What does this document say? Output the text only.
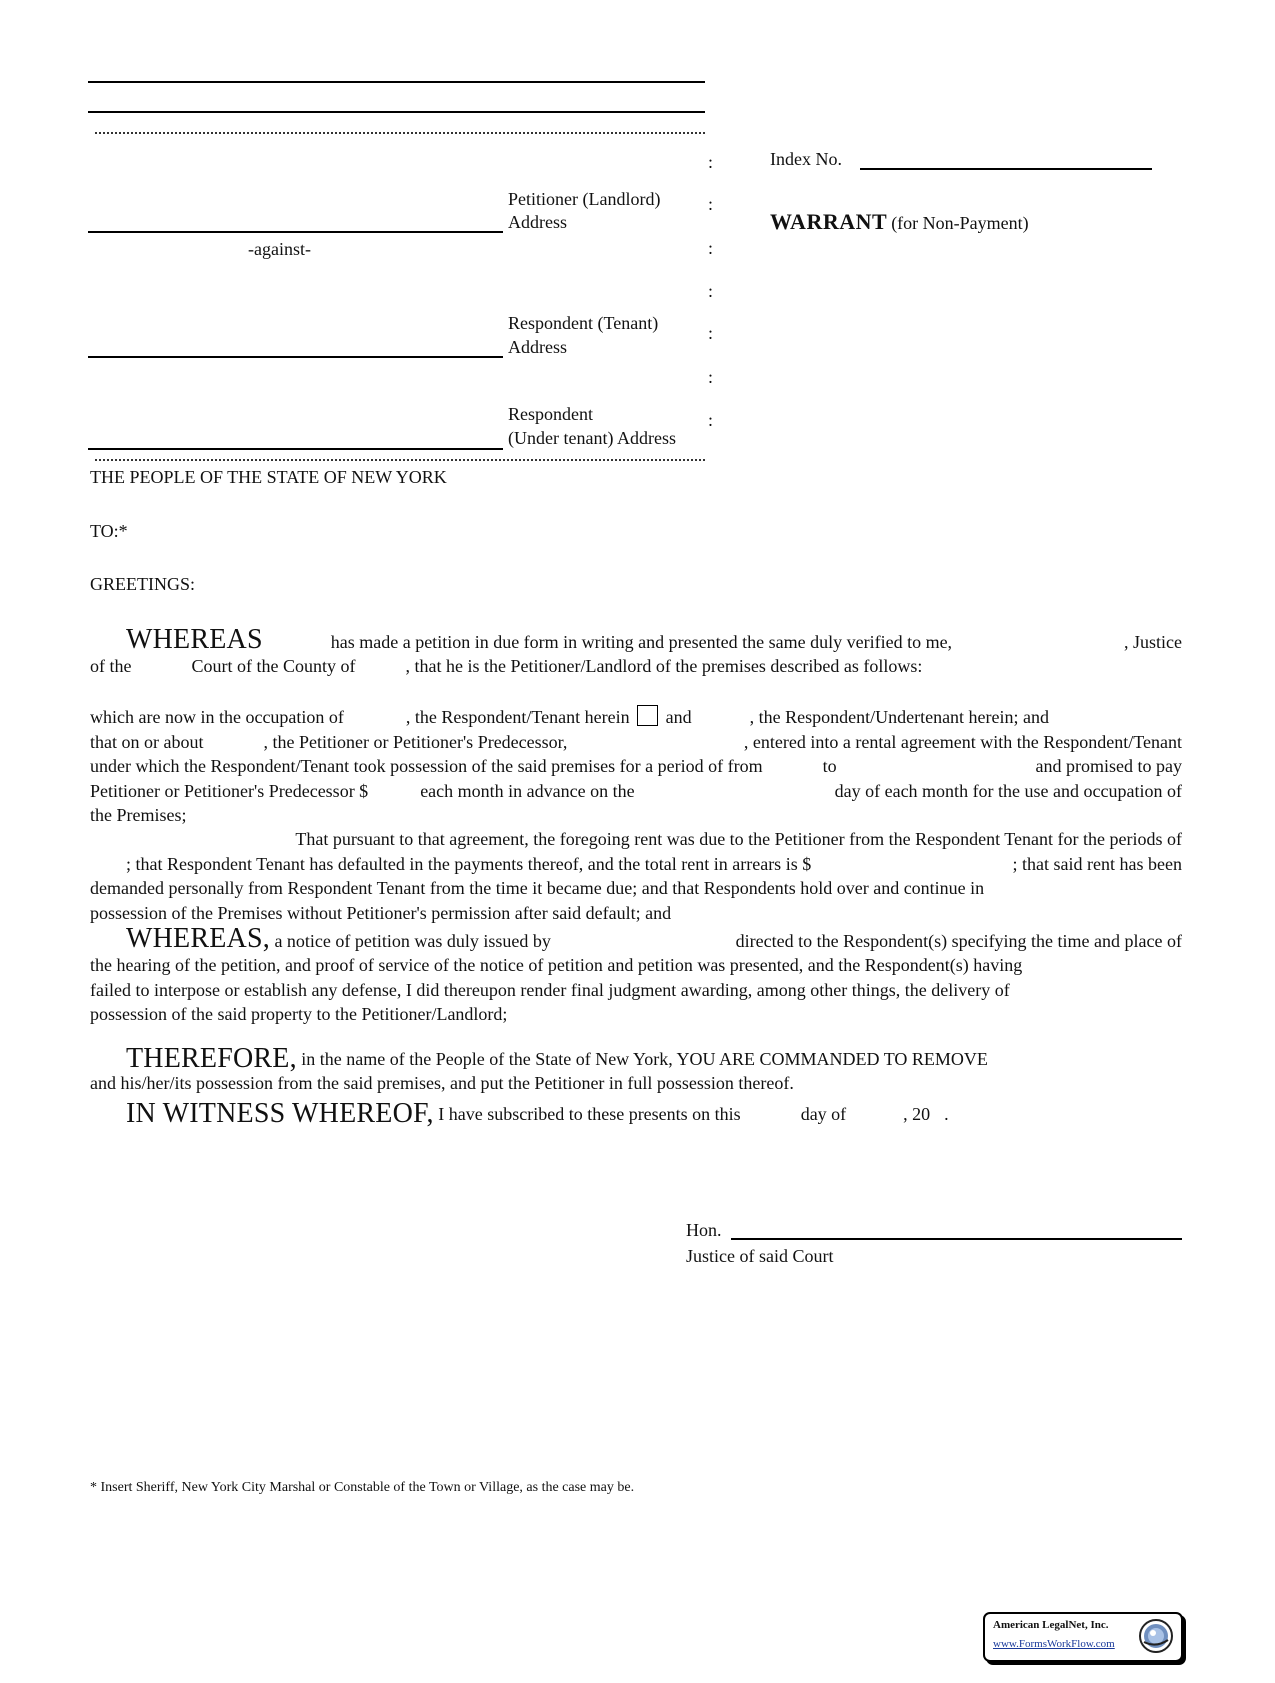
:
:
:
:
:
:
:
Petitioner (Landlord)
Address
-against-
Respondent (Tenant)
Address
Respondent
(Under tenant) Address
Index No.
WARRANT (for Non-Payment)
THE PEOPLE OF THE STATE OF NEW YORK
TO:*
GREETINGS:
WHEREAS	has made a petition in due form in writing and presented the same duly verified to me,	, Justice
of the	Court of the County of	, that he is the Petitioner/Landlord of the premises described as follows:
which are now in the occupation of	, the Respondent/Tenant herein and	, the Respondent/Undertenant herein; and
that on or about	, the Petitioner or Petitioner's Predecessor,	, entered into a rental agreement with the Respondent/Tenant
under which the Respondent/Tenant took possession of the said premises for a period of from	to	and promised to pay
Petitioner or Petitioner's Predecessor $	each month in advance on the	day of each month for the use and occupation of
the Premises;
That pursuant to that agreement, the foregoing rent was due to the Petitioner from the Respondent Tenant for the periods of
; that Respondent Tenant has defaulted in the payments thereof, and the total rent in arrears is $	; that said rent has been
demanded personally from Respondent Tenant from the time it became due; and that Respondents hold over and continue in
possession of the Premises without Petitioner's permission after said default; and
WHEREAS, a notice of petition was duly issued by	directed to the Respondent(s) specifying the time and place of
the hearing of the petition, and proof of service of the notice of petition and petition was presented, and the Respondent(s) having
failed to interpose or establish any defense, I did thereupon render final judgment awarding, among other things, the delivery of
possession of the said property to the Petitioner/Landlord;
THEREFORE,
in the name of the People of the State of New York, YOU ARE COMMANDED TO REMOVE
and his/her/its possession from the said premises, and put the Petitioner in full possession thereof.
IN WITNESS WHEREOF,
I have subscribed to these presents on this	day of	, 20 .
Hon.
Justice of said Court
* Insert Sheriff, New York City Marshal or Constable of the Town or Village, as the case may be.
American LegalNet, Inc.
www.FormsWorkFlow.com
